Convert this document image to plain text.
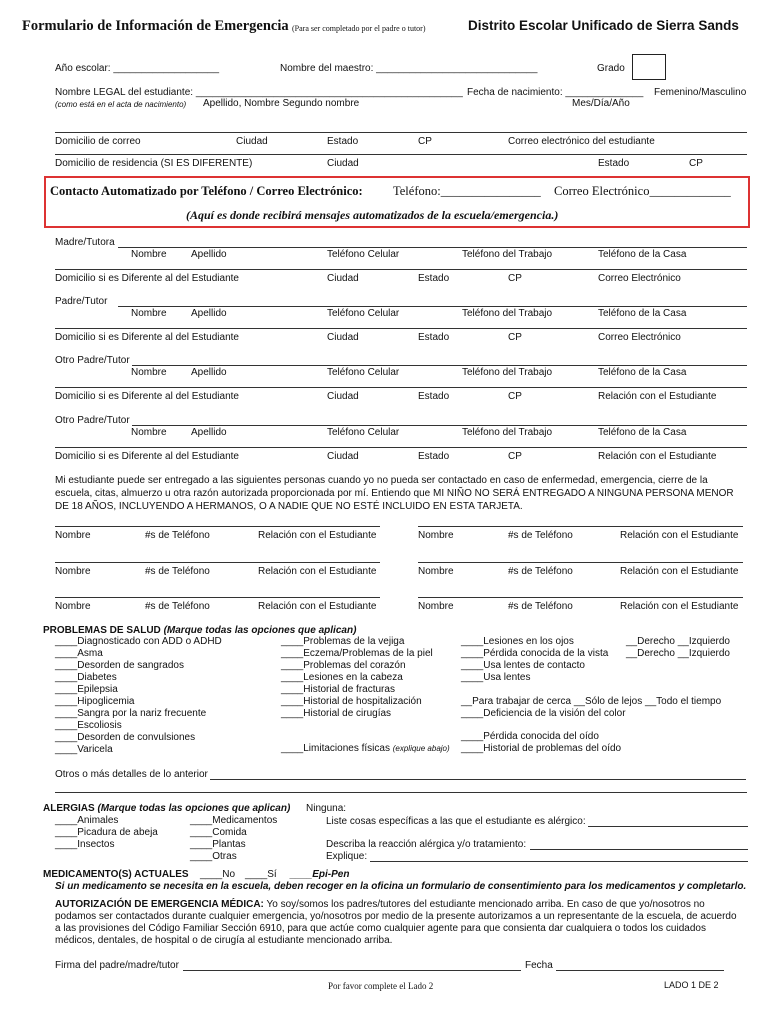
Formulario de Información de Emergencia (Para ser completado por el padre o tutor)	Distrito Escolar Unificado de Sierra Sands
Año escolar: ___________________	Nombre del maestro: _____________________________	Grado
Nombre LEGAL del estudiante: ________________________________________________ Fecha de nacimiento: ______________ Femenino/Masculino
(como está en el acta de nacimiento) Apellido, Nombre Segundo nombre	Mes/Día/Año
Domicilio de correo	Ciudad	Estado	CP	Correo electrónico del estudiante
Domicilio de residencia (SI ES DIFERENTE)	Ciudad	Estado	CP
Contacto Automatizado por Teléfono / Correo Electrónico: Teléfono:________________ Correo Electrónico_____________
(Aquí es donde recibirá mensajes automatizados de la escuela/emergencia.)
Madre/Tutora
Nombre Apellido	Teléfono Celular	Teléfono del Trabajo	Teléfono de la Casa
Domicilio si es Diferente al del Estudiante	Ciudad	Estado	CP	Correo Electrónico
Padre/Tutor
Nombre Apellido	Teléfono Celular	Teléfono del Trabajo	Teléfono de la Casa
Domicilio si es Diferente al del Estudiante	Ciudad	Estado	CP	Correo Electrónico
Otro Padre/Tutor
Nombre Apellido	Teléfono Celular	Teléfono del Trabajo	Teléfono de la Casa
Domicilio si es Diferente al del Estudiante	Ciudad	Estado	CP	Relación con el Estudiante
Otro Padre/Tutor
Nombre Apellido	Teléfono Celular	Teléfono del Trabajo	Teléfono de la Casa
Domicilio si es Diferente al del Estudiante	Ciudad	Estado	CP	Relación con el Estudiante
Mi estudiante puede ser entregado a las siguientes personas cuando yo no pueda ser contactado en caso de enfermedad, emergencia, cierre de la
escuela, citas, almuerzo u otra razón autorizada proporcionada por mí. Entiendo que MI NIÑO NO SERÁ ENTREGADO A NINGUNA PERSONA MENOR
DE 18 AÑOS, INCLUYENDO A HERMANOS, O A NADIE QUE NO ESTÉ INCLUIDO EN ESTA TARJETA.
Nombre	#s de Teléfono	Relación con el Estudiante	Nombre	#s de Teléfono	Relación con el Estudiante
Nombre	#s de Teléfono	Relación con el Estudiante	Nombre	#s de Teléfono	Relación con el Estudiante
Nombre	#s de Teléfono	Relación con el Estudiante	Nombre	#s de Teléfono	Relación con el Estudiante
PROBLEMAS DE SALUD (Marque todas las opciones que aplican)
____Diagnosticado con ADD o ADHD
____Asma
____Desorden de sangrados
____Diabetes
____Epilepsia
____Hipoglicemia
____Sangra por la nariz frecuente
____Escoliosis
____Desorden de convulsiones
____Varicela
____Problemas de la vejiga
____Eczema/Problemas de la piel
____Problemas del corazón
____Lesiones en la cabeza
____Historial de fracturas
____Historial de hospitalización
____Historial de cirugías
____Limitaciones físicas (explique abajo)
____Lesiones en los ojos
____Pérdida conocida de la vista
____Usa lentes de contacto
____Usa lentes
__Derecho __Izquierdo
__Derecho __Izquierdo
__Para trabajar de cerca __Sólo de lejos __Todo el tiempo
____Deficiencia de la visión del color
____Pérdida conocida del oído
____Historial de problemas del oído
Otros o más detalles de lo anterior
ALERGIAS (Marque todas las opciones que aplican) Ninguna:
____Animales
____Picadura de abeja
____Insectos
____Medicamentos
____Comida
____Plantas
____Otras
Liste cosas específicas a las que el estudiante es alérgico:
Describa la reacción alérgica y/o tratamiento:
Explique:
MEDICAMENTO(S) ACTUALES ____No ____Sí ____Epi-Pen
Si un medicamento se necesita en la escuela, deben recoger en la oficina un formulario de consentimiento para los medicamentos y completarlo.
AUTORIZACIÓN DE EMERGENCIA MÉDICA: Yo soy/somos los padres/tutores del estudiante mencionado arriba. En caso de que yo/nosotros no
podamos ser contactados durante cualquier emergencia, yo/nosotros por medio de la presente autorizamos a un representante de la escuela, de acuerdo
a las provisiones del Código Familiar Sección 6910, para que actúe como cualquier agente para que consienta dar cualquiera o todos los cuidados
médicos, dentales, de hospital o de cirugía al estudiante mencionado arriba.
Firma del padre/madre/tutor	Fecha
Por favor complete el Lado 2	LADO 1 DE 2
